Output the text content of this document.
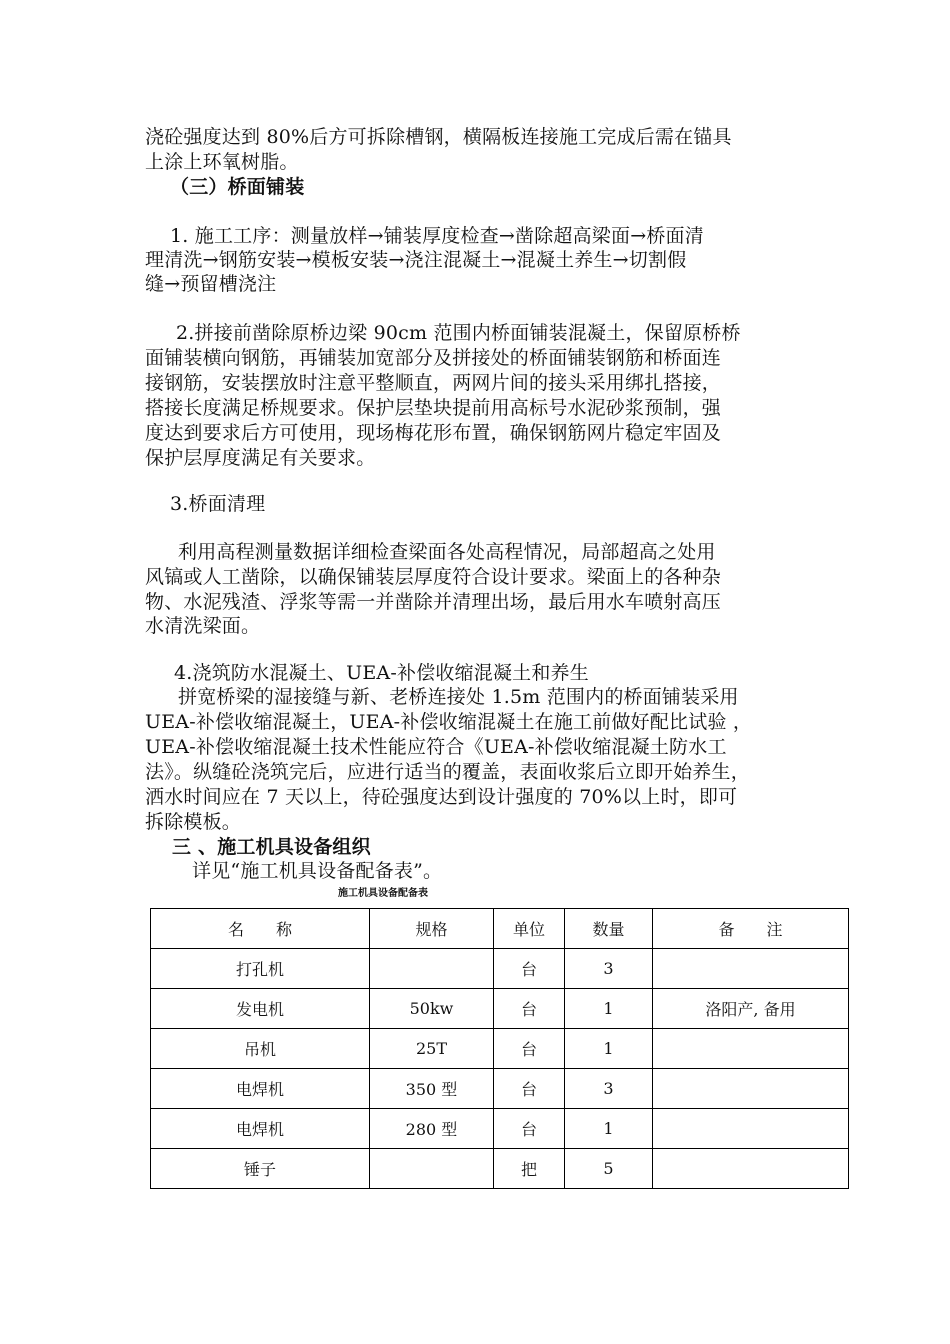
浇砼强度达到 80%后方可拆除槽钢，横隔板连接施工完成后需在锚具
上涂上环氧树脂。
（三）桥面铺装
1. 施工工序：测量放样→铺装厚度检查→凿除超高梁面→桥面清
理清洗→钢筋安装→模板安装→浇注混凝土→混凝土养生→切割假
缝→预留槽浇注
2.拼接前凿除原桥边梁 90cm 范围内桥面铺装混凝土，保留原桥桥
面铺装横向钢筋，再铺装加宽部分及拼接处的桥面铺装钢筋和桥面连
接钢筋，安装摆放时注意平整顺直，两网片间的接头采用绑扎搭接，
搭接长度满足桥规要求。保护层垫块提前用高标号水泥砂浆预制，强
度达到要求后方可使用，现场梅花形布置，确保钢筋网片稳定牢固及
保护层厚度满足有关要求。
3.桥面清理
利用高程测量数据详细检查梁面各处高程情况，局部超高之处用
风镐或人工凿除，以确保铺装层厚度符合设计要求。梁面上的各种杂
物、水泥残渣、浮浆等需一并凿除并清理出场，最后用水车喷射高压
水清洗梁面。
4.浇筑防水混凝土、UEA-补偿收缩混凝土和养生
拼宽桥梁的湿接缝与新、老桥连接处 1.5m 范围内的桥面铺装采用
UEA-补偿收缩混凝土，UEA-补偿收缩混凝土在施工前做好配比试验 ，
UEA-补偿收缩混凝土技术性能应符合《UEA-补偿收缩混凝土防水工
法》。纵缝砼浇筑完后，应进行适当的覆盖，表面收浆后立即开始养生，
洒水时间应在 7 天以上，待砼强度达到设计强度的 70%以上时，即可
拆除模板。
三 、施工机具设备组织
详见“施工机具设备配备表”。
施工机具设备配备表
名　　称	规格	单位	数量	备　　注
打孔机		台	3	
发电机	50kw	台	1	洛阳产, 备用
吊机	25T	台	1	
电焊机	350 型	台	3	
电焊机	280 型	台	1	
锤子		把	5	
